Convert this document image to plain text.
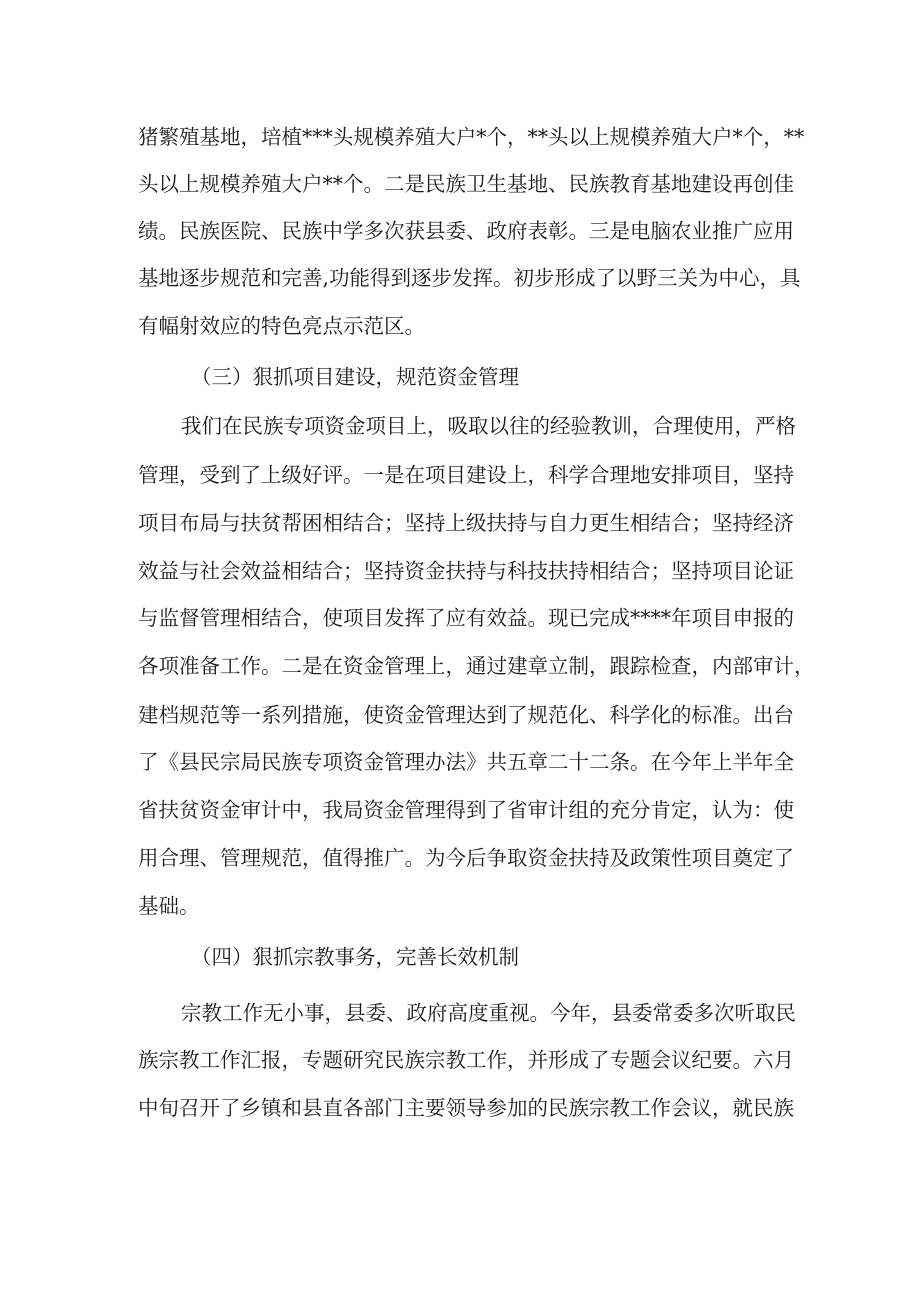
猪繁殖基地，培植***头规模养殖大户*个，**头以上规模养殖大户*个，**
头以上规模养殖大户**个。二是民族卫生基地、民族教育基地建设再创佳
绩。民族医院、民族中学多次获县委、政府表彰。三是电脑农业推广应用
基地逐步规范和完善,功能得到逐步发挥。初步形成了以野三关为中心，具
有幅射效应的特色亮点示范区。
（三）狠抓项目建设，规范资金管理
我们在民族专项资金项目上，吸取以往的经验教训，合理使用，严格
管理，受到了上级好评。一是在项目建设上，科学合理地安排项目，坚持
项目布局与扶贫帮困相结合；坚持上级扶持与自力更生相结合；坚持经济
效益与社会效益相结合；坚持资金扶持与科技扶持相结合；坚持项目论证
与监督管理相结合，使项目发挥了应有效益。现已完成****年项目申报的
各项准备工作。二是在资金管理上，通过建章立制，跟踪检查，内部审计，
建档规范等一系列措施，使资金管理达到了规范化、科学化的标准。出台
了《县民宗局民族专项资金管理办法》共五章二十二条。在今年上半年全
省扶贫资金审计中，我局资金管理得到了省审计组的充分肯定，认为：使
用合理、管理规范，值得推广。为今后争取资金扶持及政策性项目奠定了
基础。
（四）狠抓宗教事务，完善长效机制
宗教工作无小事，县委、政府高度重视。今年，县委常委多次听取民
族宗教工作汇报，专题研究民族宗教工作，并形成了专题会议纪要。六月
中旬召开了乡镇和县直各部门主要领导参加的民族宗教工作会议，就民族
